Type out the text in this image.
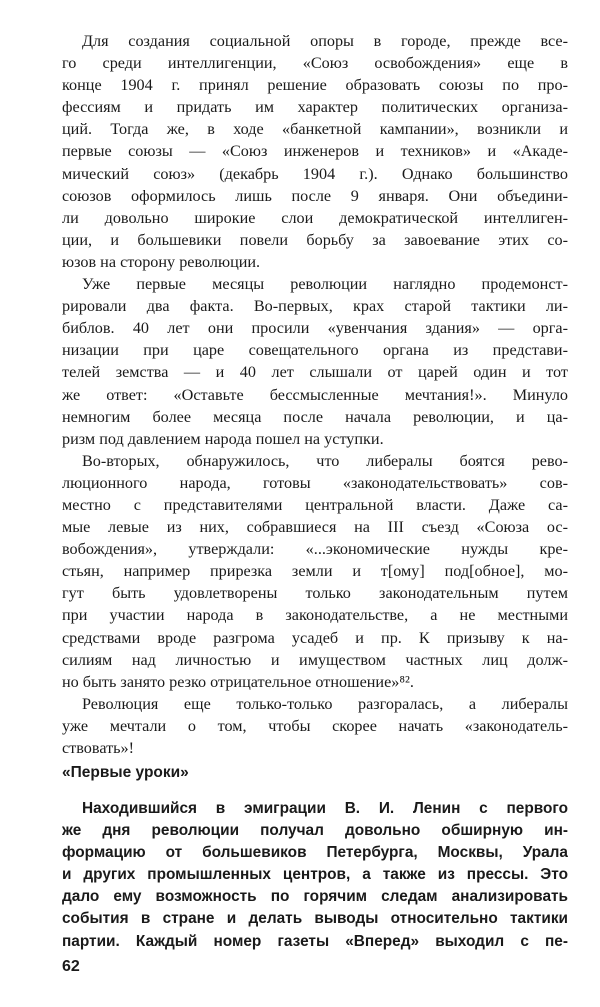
Для создания социальной опоры в городе, прежде все-
го среди интеллигенции, «Союз освобождения» еще в
конце 1904 г. принял решение образовать союзы по про-
фессиям и придать им характер политических организа-
ций. Тогда же, в ходе «банкетной кампании», возникли и
первые союзы — «Союз инженеров и техников» и «Акаде-
мический союз» (декабрь 1904 г.). Однако большинство
союзов оформилось лишь после 9 января. Они объедини-
ли довольно широкие слои демократической интеллиген-
ции, и большевики повели борьбу за завоевание этих со-
юзов на сторону революции.
Уже первые месяцы революции наглядно продемонст-
рировали два факта. Во-первых, крах старой тактики ли-
библов. 40 лет они просили «увенчания здания» — орга-
низации при царе совещательного органа из представи-
телей земства — и 40 лет слышали от царей один и тот
же ответ: «Оставьте бессмысленные мечтания!». Минуло
немногим более месяца после начала революции, и ца-
ризм под давлением народа пошел на уступки.
Во-вторых, обнаружилось, что либералы боятся рево-
люционного народа, готовы «законодательствовать» сов-
местно с представителями центральной власти. Даже са-
мые левые из них, собравшиеся на III съезд «Союза ос-
вобождения», утверждали: «...экономические нужды кре-
стьян, например прирезка земли и т[ому] под[обное], мо-
гут быть удовлетворены только законодательным путем
при участии народа в законодательстве, а не местными
средствами вроде разгрома усадеб и пр. К призыву к на-
силиям над личностью и имуществом частных лиц долж-
но быть занято резко отрицательное отношение»⁸².
Революция еще только-только разгоралась, а либералы
уже мечтали о том, чтобы скорее начать «законодатель-
ствовать»!
«Первые уроки»
Находившийся в эмиграции В. И. Ленин с первого
же дня революции получал довольно обширную ин-
формацию от большевиков Петербурга, Москвы, Урала
и других промышленных центров, а также из прессы. Это
дало ему возможность по горячим следам анализировать
события в стране и делать выводы относительно тактики
партии. Каждый номер газеты «Вперед» выходил с пе-
62
